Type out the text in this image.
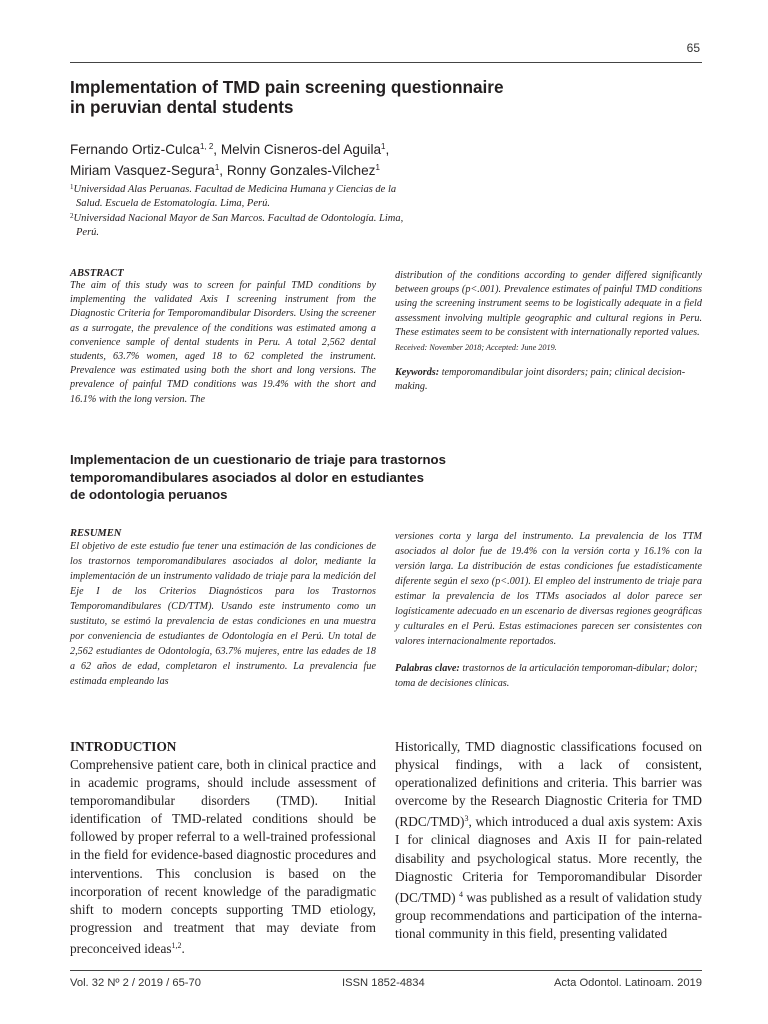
65
Implementation of TMD pain screening questionnaire
in peruvian dental students
Fernando Ortiz-Culca$^{1, 2}$, Melvin Cisneros-del Aguila$^1$,
Miriam Vasquez-Segura$^1$, Ronny Gonzales-Vilchez$^1$
$^1$Universidad Alas Peruanas. Facultad de Medicina Humana y Ciencias de la Salud. Escuela de Estomatología. Lima, Perú.
$^2$Universidad Nacional Mayor de San Marcos. Facultad de Odontología. Lima, Perú.
ABSTRACT

The aim of this study was to screen for painful TMD conditions by implementing the validated Axis I screening instrument from the Diagnostic Criteria for Temporomandibular Disorders. Using the screener as a surrogate, the prevalence of the conditions was estimated among a convenience sample of dental students in Peru. A total 2,562 dental students, 63.7% women, aged 18 to 62 completed the instrument. Prevalence was estimated using both the short and long versions. The prevalence of painful TMD conditions was 19.4% with the short and 16.1% with the long version. The

distribution of the conditions according to gender differed significantly between groups (p<.001). Prevalence estimates of painful TMD conditions using the screening instrument seems to be logistically adequate in a field assessment involving multiple geographic and cultural regions in Peru. These estimates seem to be consistent with internationally reported values.

Received: November 2018; Accepted: June 2019.

Keywords: temporomandibular joint disorders; pain; clinical decision-making.

Implementacion de un cuestionario de triaje para trastornos
temporomandibulares asociados al dolor en estudiantes
de odontologia peruanos
RESUMEN

El objetivo de este estudio fue tener una estimación de las condiciones de los trastornos temporomandibulares asociados al dolor, mediante la implementación de un instrumento validado de triaje para la medición del Eje I de los Criterios Diagnósticos para los Trastornos Temporomandibulares (CD/TTM). Usando este instrumento como un sustituto, se estimó la prevalencia de estas condiciones en una muestra por conveniencia de estudiantes de Odontología en el Perú. Un total de 2,562 estudiantes de Odontología, 63.7% mujeres, entre las edades de 18 a 62 años de edad, completaron el instrumento. La prevalencia fue estimada empleando las

versiones corta y larga del instrumento. La prevalencia de los TTM asociados al dolor fue de 19.4% con la versión corta y 16.1% con la versión larga. La distribución de estas condiciones fue estadísticamente diferente según el sexo (p<.001). El empleo del instrumento de triaje para estimar la prevalencia de los TTMs asociados al dolor parece ser logísticamente adecuado en un escenario de diversas regiones geográficas y culturales en el Perú. Estas estimaciones parecen ser consistentes con valores internacionalmente reportados.

Palabras clave: trastornos de la articulación temporoman-dibular; dolor; toma de decisiones clínicas.

INTRODUCTION

Comprehensive patient care, both in clinical practice and in academic programs, should include assessment of temporomandibular disorders (TMD). Initial identification of TMD-related conditions should be followed by proper referral to a well-trained professional in the field for evidence-based diagnostic procedures and interventions. This conclusion is based on the incorporation of recent knowledge of the paradigmatic shift to modern concepts supporting TMD etiology, progression and treatment that may deviate from preconceived ideas$^{1,2}$.

Historically, TMD diagnostic classifications focused on physical findings, with a lack of consistent, operationalized definitions and criteria. This barrier was overcome by the Research Diagnostic Criteria for TMD $(RDC/TMD)^3$, which introduced a dual axis system: Axis I for clinical diagnoses and Axis II for pain-related disability and psychological status. More recently, the Diagnostic Criteria for Temporomandibular Disorder (DC/TMD) $^4$ was published as a result of validation study group recommendations and participation of the interna-tional community in this field, presenting validated

Vol. 32 Nº 2 / 2019 / 65-70	ISSN 1852-4834	Acta Odontol. Latinoam. 2019
